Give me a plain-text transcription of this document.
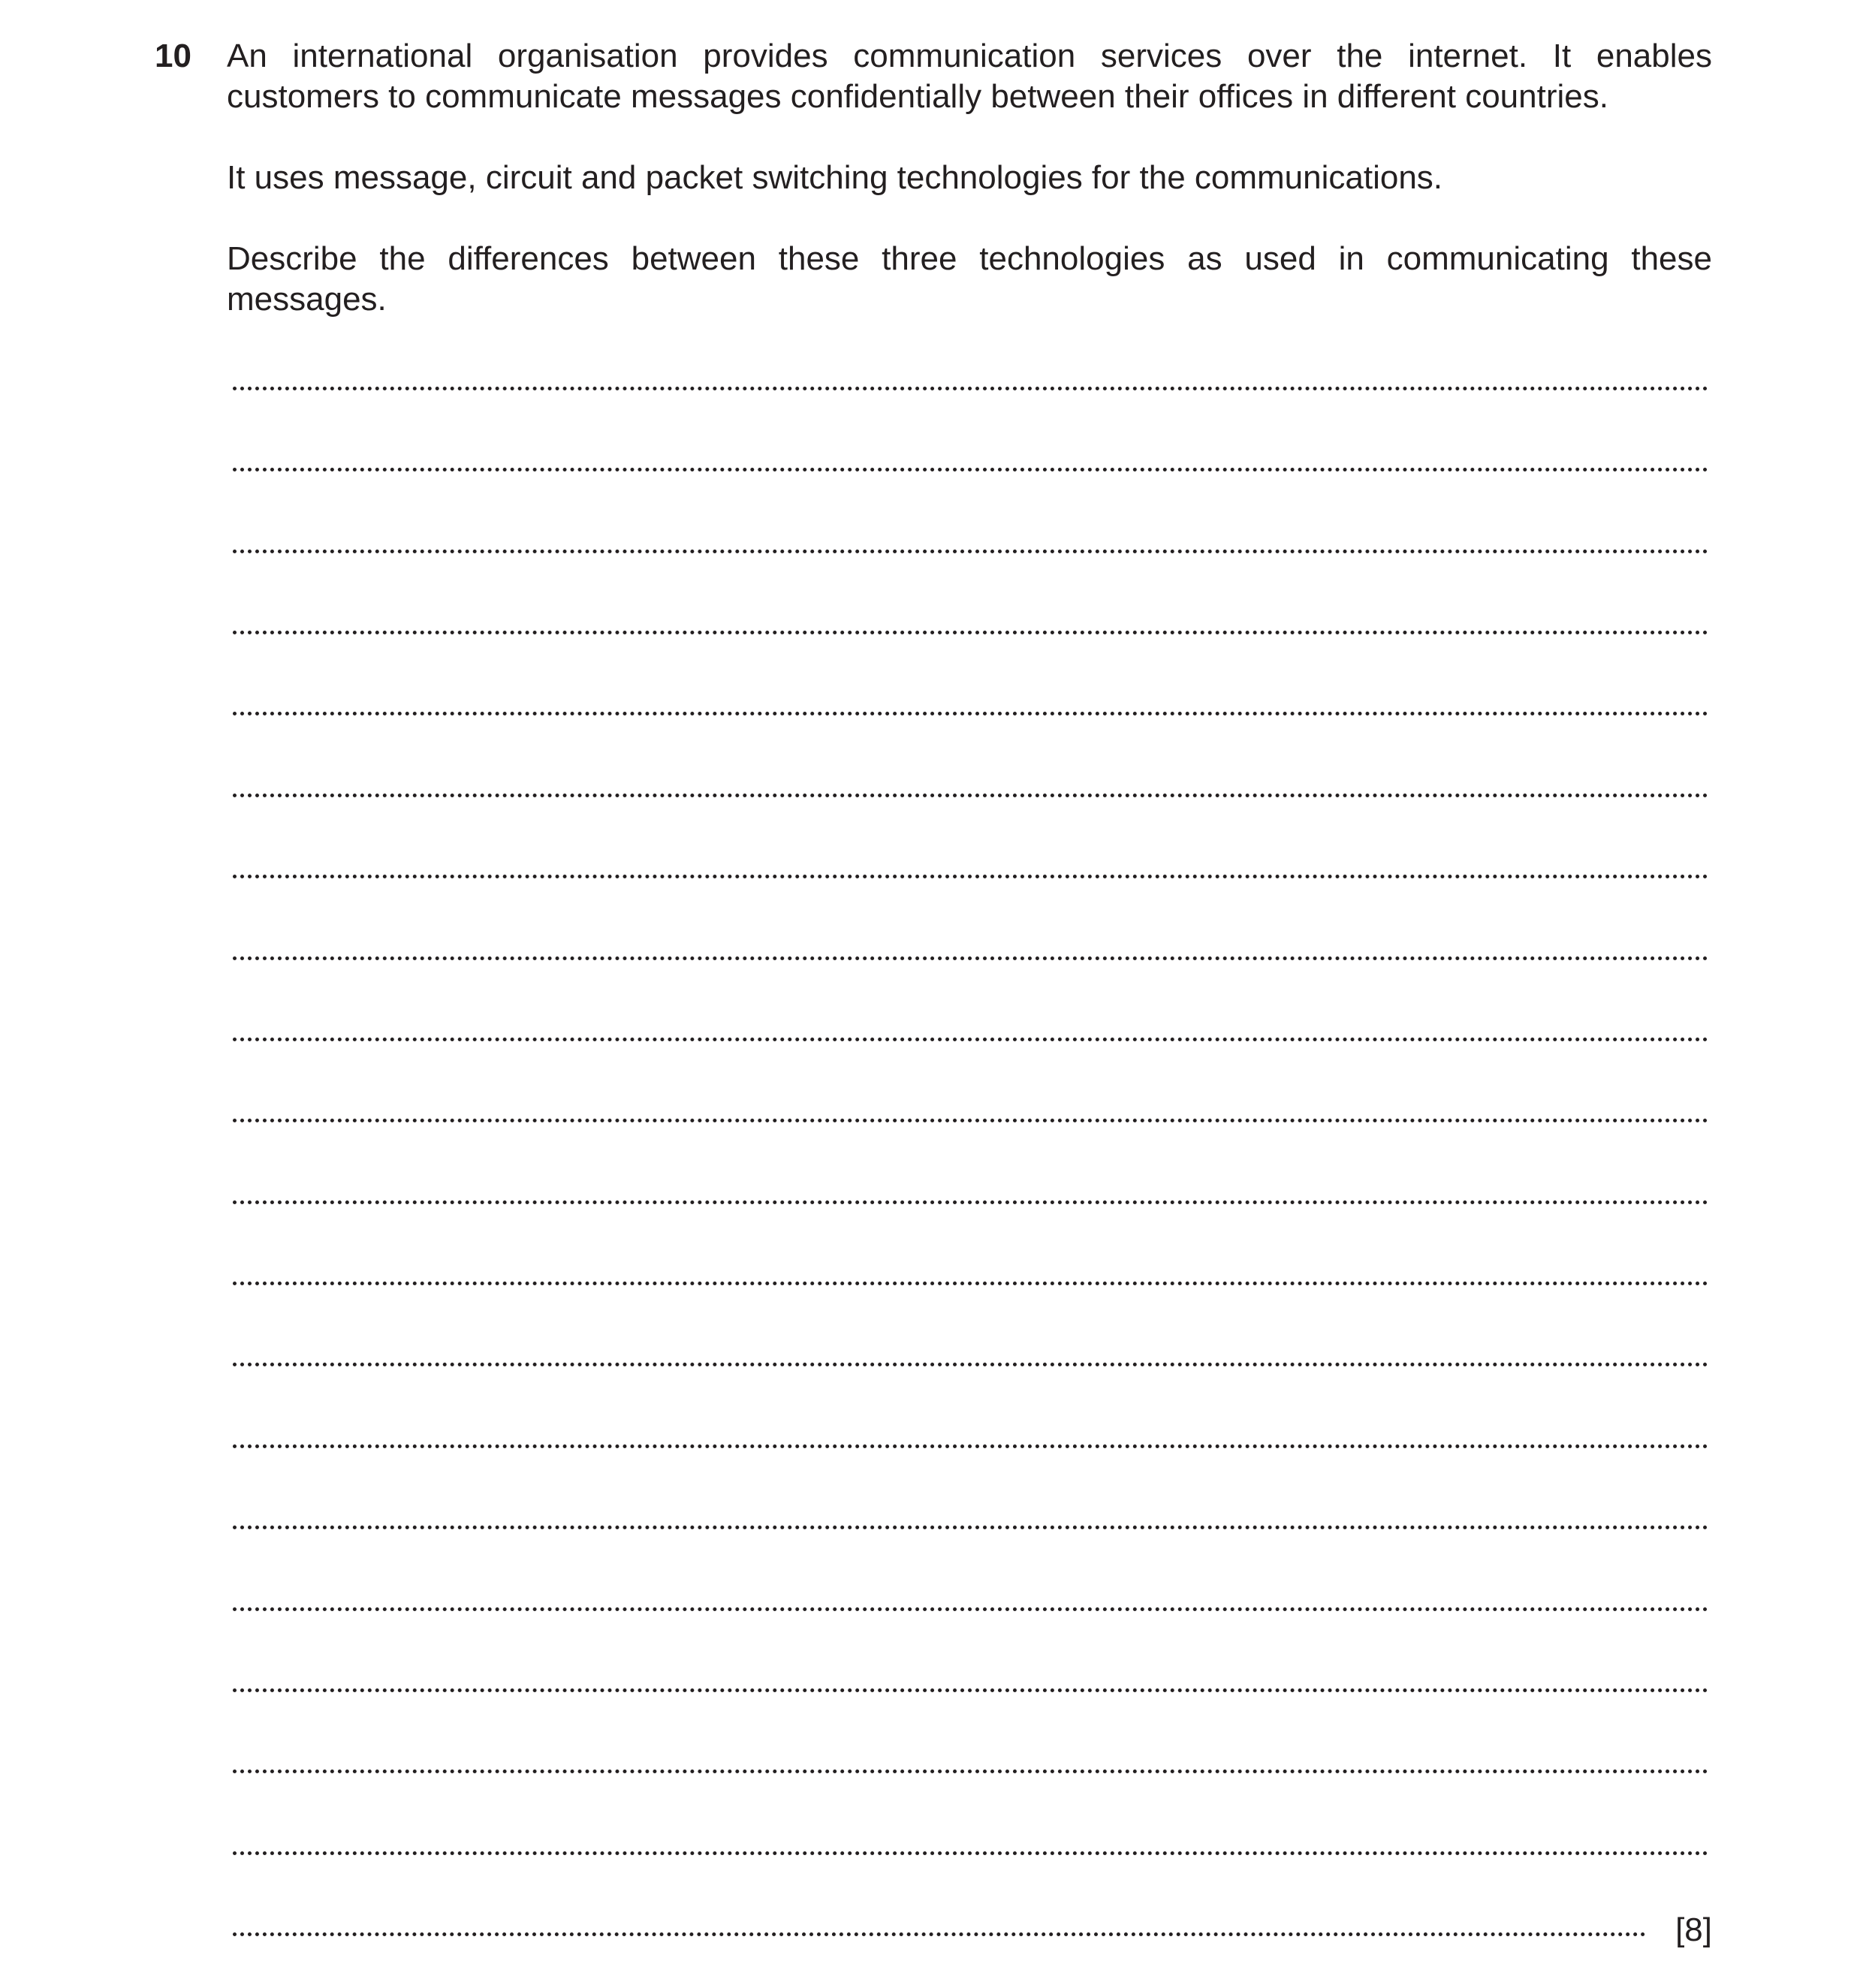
10 An international organisation provides communication services over the internet. It enables customers to communicate messages confidentially between their offices in different countries.

It uses message, circuit and packet switching technologies for the communications.

Describe the differences between these three technologies as used in communicating these messages.

[8]
